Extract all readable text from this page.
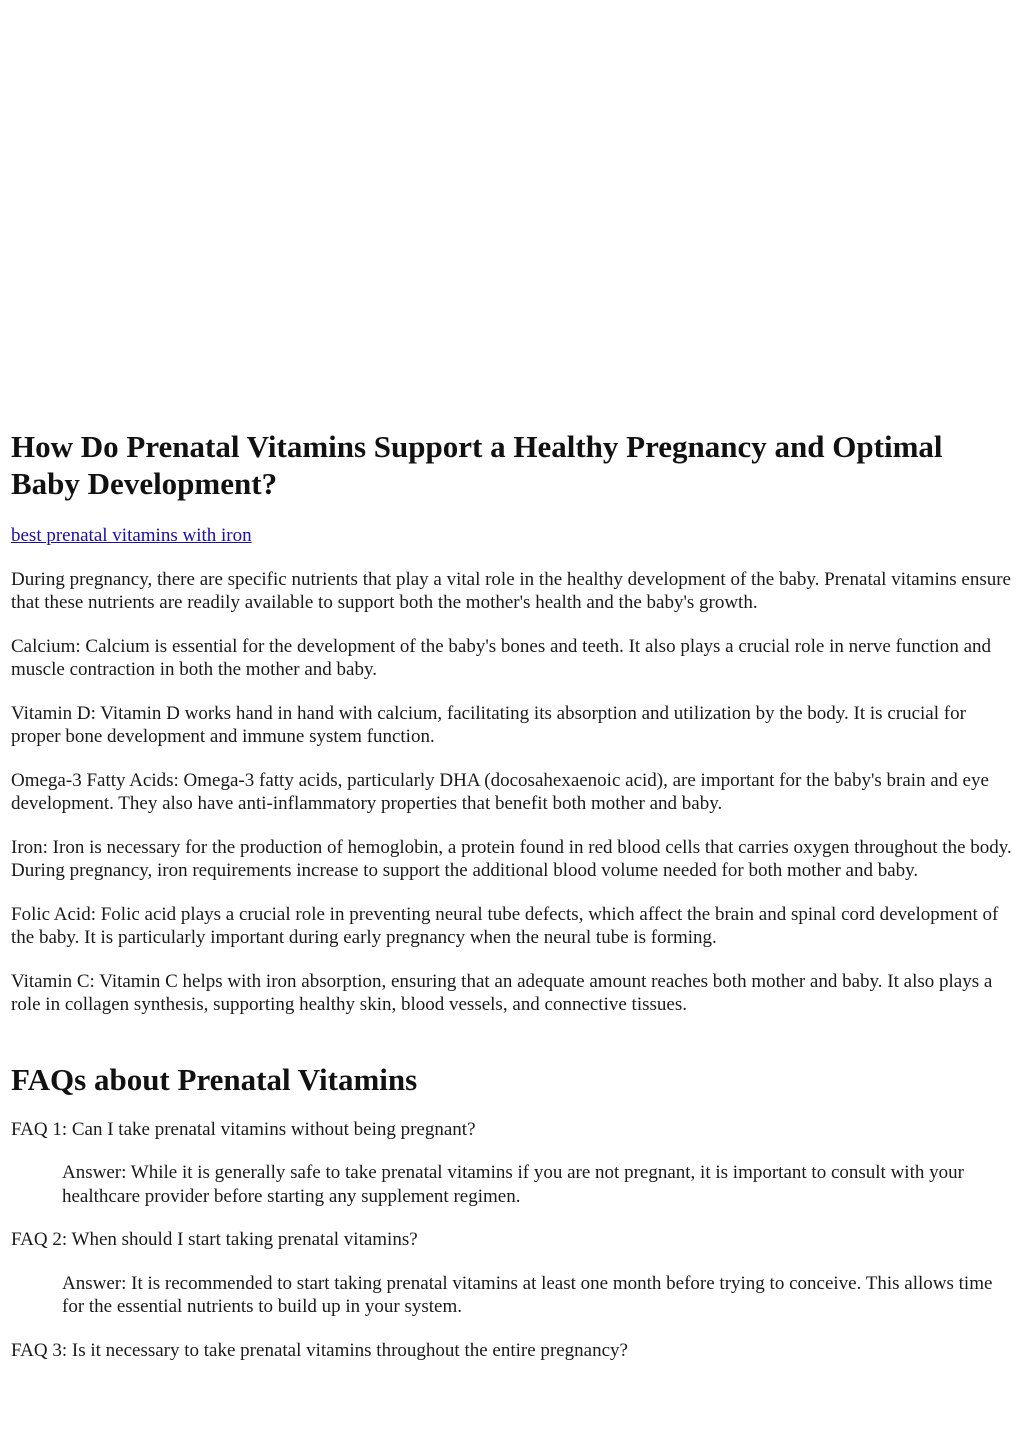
How Do Prenatal Vitamins Support a Healthy Pregnancy and Optimal Baby Development?
best prenatal vitamins with iron

During pregnancy, there are specific nutrients that play a vital role in the healthy development of the baby. Prenatal vitamins ensure that these nutrients are readily available to support both the mother's health and the baby's growth.

Calcium: Calcium is essential for the development of the baby's bones and teeth. It also plays a crucial role in nerve function and muscle contraction in both the mother and baby.

Vitamin D: Vitamin D works hand in hand with calcium, facilitating its absorption and utilization by the body. It is crucial for proper bone development and immune system function.

Omega-3 Fatty Acids: Omega-3 fatty acids, particularly DHA (docosahexaenoic acid), are important for the baby's brain and eye development. They also have anti-inflammatory properties that benefit both mother and baby.

Iron: Iron is necessary for the production of hemoglobin, a protein found in red blood cells that carries oxygen throughout the body. During pregnancy, iron requirements increase to support the additional blood volume needed for both mother and baby.

Folic Acid: Folic acid plays a crucial role in preventing neural tube defects, which affect the brain and spinal cord development of the baby. It is particularly important during early pregnancy when the neural tube is forming.

Vitamin C: Vitamin C helps with iron absorption, ensuring that an adequate amount reaches both mother and baby. It also plays a role in collagen synthesis, supporting healthy skin, blood vessels, and connective tissues.

FAQs about Prenatal Vitamins

FAQ 1: Can I take prenatal vitamins without being pregnant?

Answer: While it is generally safe to take prenatal vitamins if you are not pregnant, it is important to consult with your healthcare provider before starting any supplement regimen.

FAQ 2: When should I start taking prenatal vitamins?

Answer: It is recommended to start taking prenatal vitamins at least one month before trying to conceive. This allows time for the essential nutrients to build up in your system.

FAQ 3: Is it necessary to take prenatal vitamins throughout the entire pregnancy?
